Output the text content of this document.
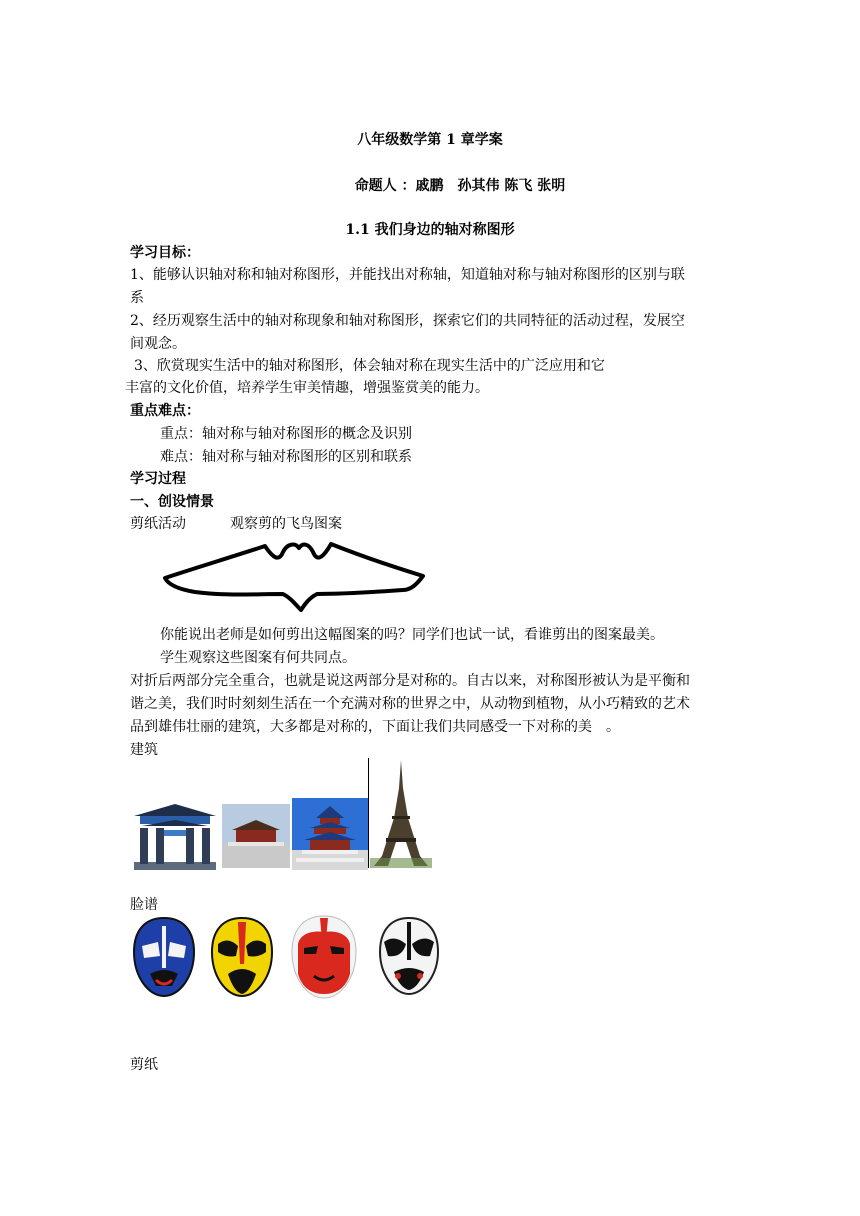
八年级数学第 1 章学案
命题人 ：戚鹏　孙其伟 陈飞 张明
1.1 我们身边的轴对称图形
学习目标：
1、能够认识轴对称和轴对称图形，并能找出对称轴，知道轴对称与轴对称图形的区别与联
系
2、经历观察生活中的轴对称现象和轴对称图形，探索它们的共同特征的活动过程，发展空
间观念。
3、欣赏现实生活中的轴对称图形，体会轴对称在现实生活中的广泛应用和它
丰富的文化价值，培养学生审美情趣，增强鉴赏美的能力。
重点难点：
重点：轴对称与轴对称图形的概念及识别
难点：轴对称与轴对称图形的区别和联系
学习过程
一、创设情景
剪纸活动	观察剪的飞鸟图案
你能说出老师是如何剪出这幅图案的吗？同学们也试一试，看谁剪出的图案最美。
学生观察这些图案有何共同点。
对折后两部分完全重合，也就是说这两部分是对称的。自古以来，对称图形被认为是平衡和
谐之美，我们时时刻刻生活在一个充满对称的世界之中，从动物到植物，从小巧精致的艺术
品到雄伟壮丽的建筑，大多都是对称的，下面让我们共同感受一下对称的美　。
建筑
脸谱
剪纸
